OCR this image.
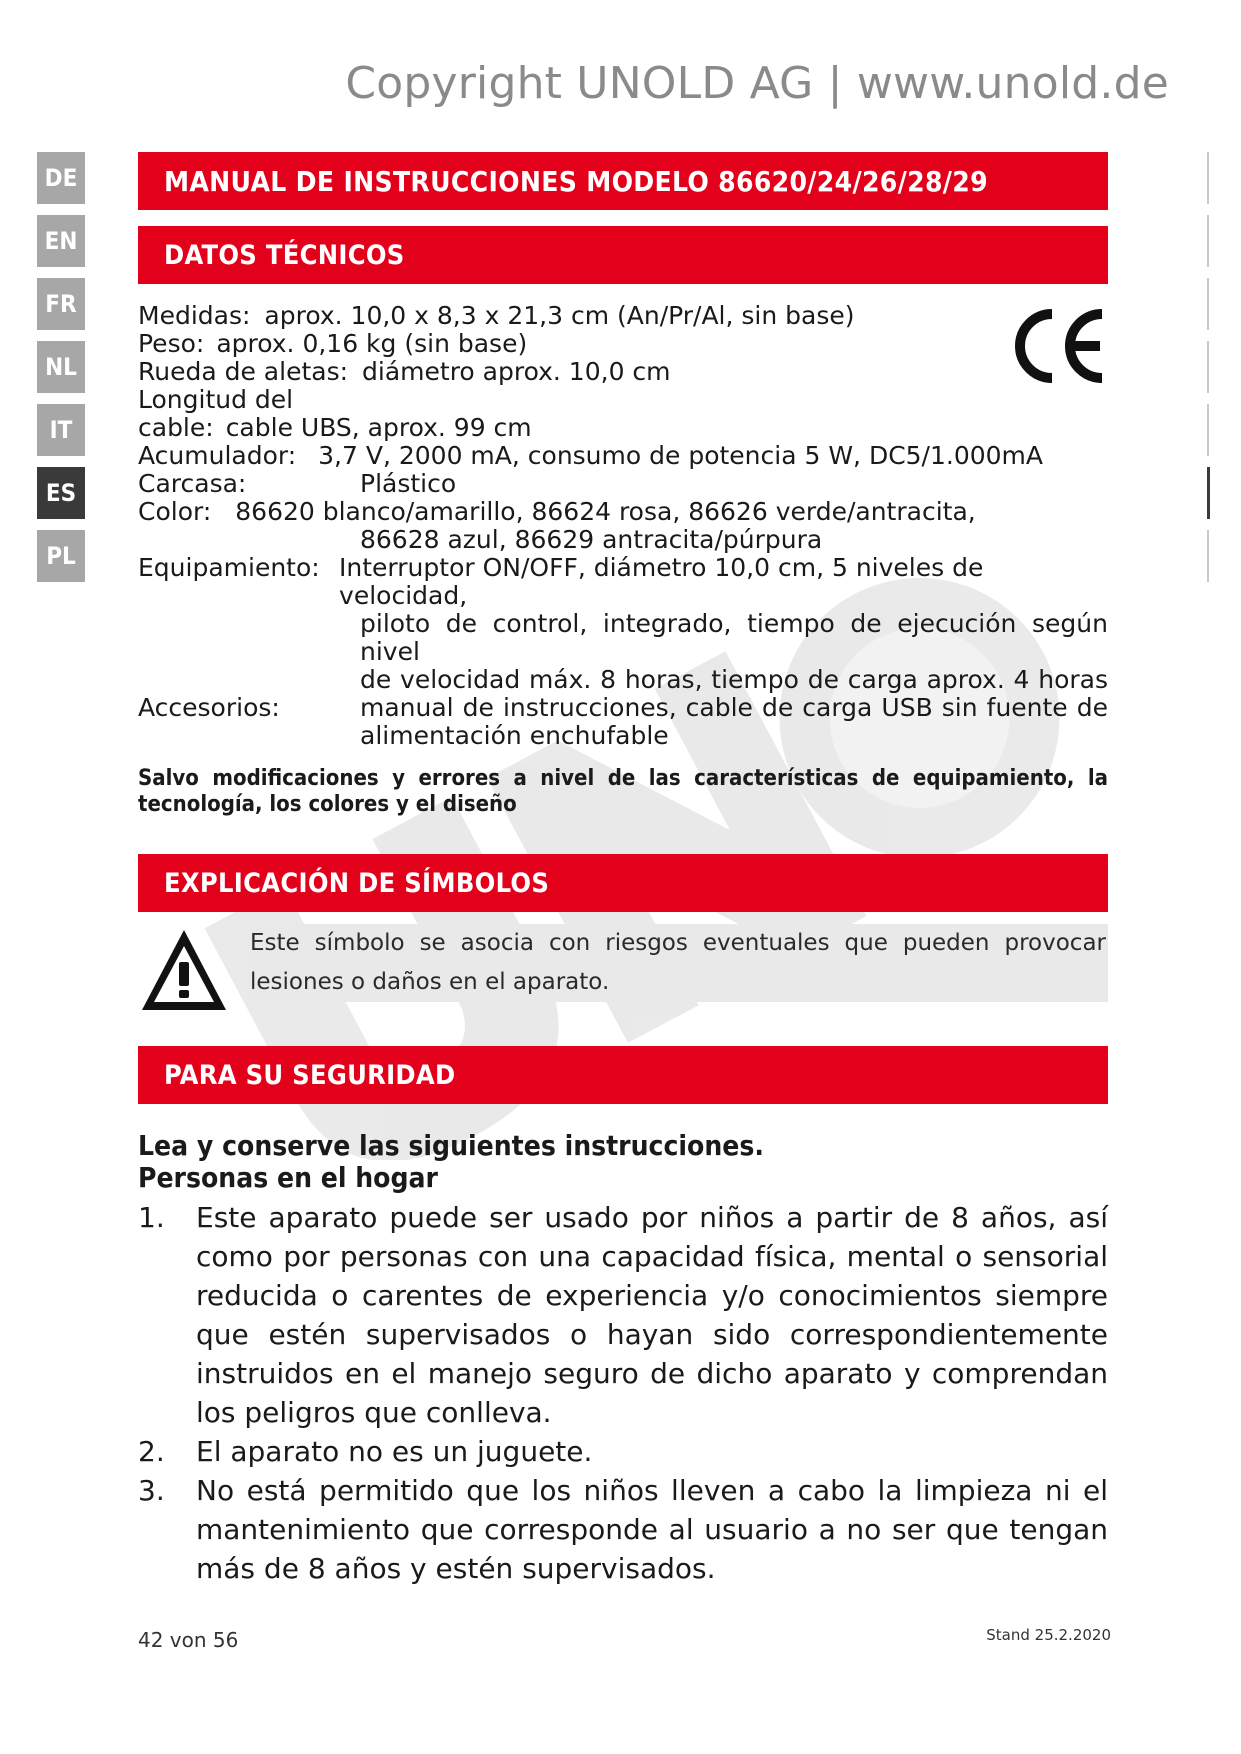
Copyright UNOLD AG | www.unold.de
DE
EN
FR
NL
IT
ES
PL
MANUAL DE INSTRUCCIONES MODELO 86620/24/26/28/29
DATOS TÉCNICOS
Medidas: aprox. 10,0 x 8,3 x 21,3 cm (An/Pr/Al, sin base)
Peso: aprox. 0,16 kg (sin base)
Rueda de aletas: diámetro aprox. 10,0 cm
Longitud del
cable: cable UBS, aprox. 99 cm
Acumulador: 3,7 V, 2000 mA, consumo de potencia 5 W, DC5/1.000mA
Carcasa:	Plástico
Color: 86620 blanco/amarillo, 86624 rosa, 86626 verde/antracita,
86628 azul, 86629 antracita/púrpura
Equipamiento: Interruptor ON/OFF, diámetro 10,0 cm, 5 niveles de velocidad,
piloto de control, integrado, tiempo de ejecución según nivel
de velocidad máx. 8 horas, tiempo de carga aprox. 4 horas
Accesorios:	manual de instrucciones, cable de carga USB sin fuente de
alimentación enchufable
Salvo modificaciones y errores a nivel de las características de equipamiento, la tecnología, los colores y el diseño
EXPLICACIÓN DE SÍMBOLOS
Este símbolo se asocia con riesgos eventuales que pueden provocar lesiones o daños en el aparato.
PARA SU SEGURIDAD
Lea y conserve las siguientes instrucciones.
Personas en el hogar
1.	Este aparato puede ser usado por niños a partir de 8 años, así como por personas con una capacidad física, mental o sensorial reducida o carentes de experiencia y/o conocimientos siempre que estén supervisados o hayan sido correspondientemente instruidos en el manejo seguro de dicho aparato y comprendan los peligros que conlleva.
2.	El aparato no es un juguete.
3.	No está permitido que los niños lleven a cabo la limpieza ni el mantenimiento que corresponde al usuario a no ser que tengan más de 8 años y estén supervisados.
42 von 56	Stand 25.2.2020
